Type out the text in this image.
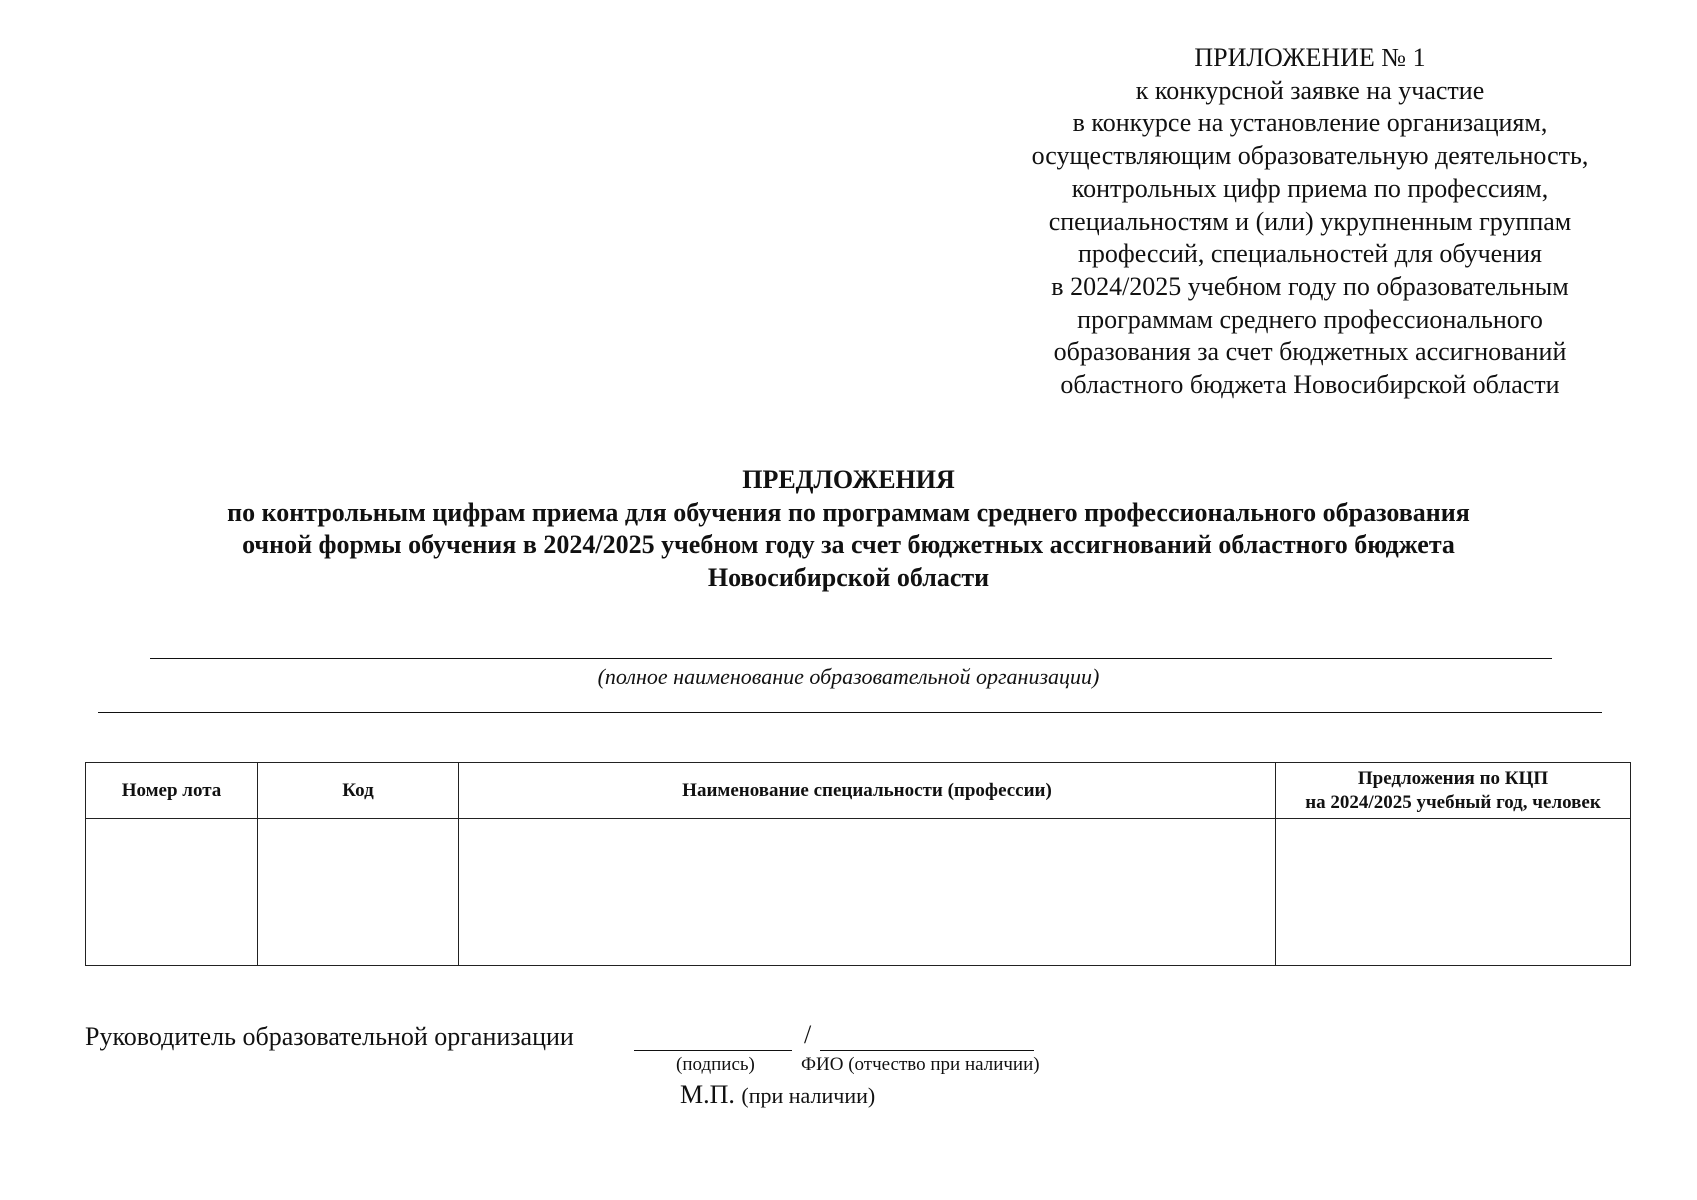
ПРИЛОЖЕНИЕ № 1
к конкурсной заявке на участие
в конкурсе на установление организациям,
осуществляющим образовательную деятельность,
контрольных цифр приема по профессиям,
специальностям и (или) укрупненным группам
профессий, специальностей для обучения
в 2024/2025 учебном году по образовательным
программам среднего профессионального
образования за счет бюджетных ассигнований
областного бюджета Новосибирской области
ПРЕДЛОЖЕНИЯ
по контрольным цифрам приема для обучения по программам среднего профессионального образования
очной формы обучения в 2024/2025 учебном году за счет бюджетных ассигнований областного бюджета
Новосибирской области
(полное наименование образовательной организации)
Номер лота	Код	Наименование специальности (профессии)	Предложения по КЦП
на 2024/2025 учебный год, человек

Руководитель образовательной организации	/
(подпись) ФИО (отчество при наличии)
М.П. (при наличии)
